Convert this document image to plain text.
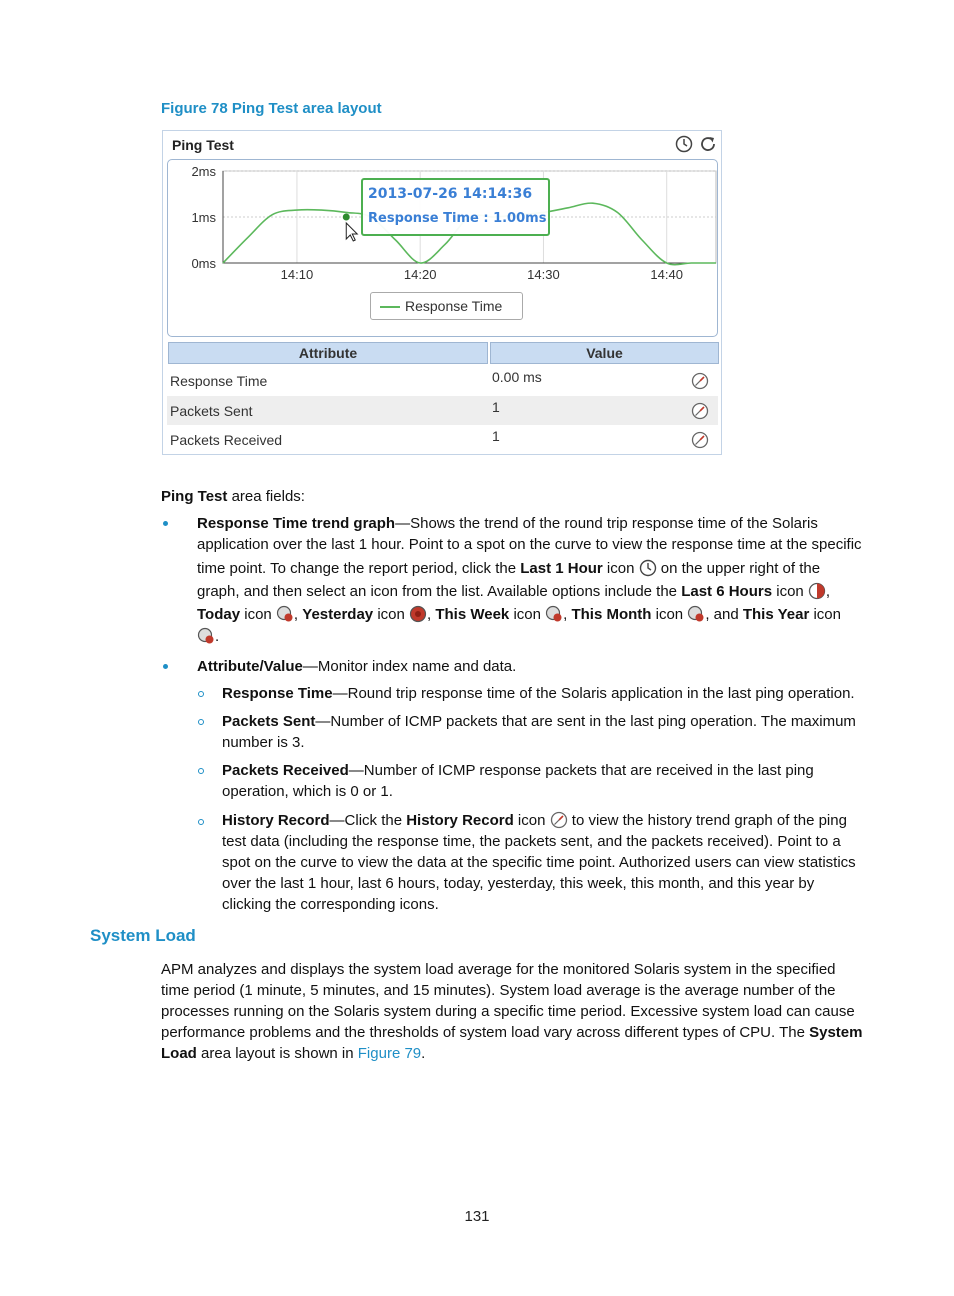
Figure 78 Ping Test area layout
Ping Test
0ms
1ms
2ms
14:10	14:20	14:30	14:40
2013-07-26 14:14:36
Response Time : 1.00ms
Response Time
Attribute	Value
Response Time	0.00 ms
Packets Sent	1
Packets Received	1
Ping Test area fields:
Response Time trend graph—Shows the trend of the round trip response time of the Solaris
application over the last 1 hour. Point to a spot on the curve to view the response time at the specific
time point. To change the report period, click the Last 1 Hour icon  on the upper right of the
graph, and then select an icon from the list. Available options include the Last 6 Hours icon ,
Today icon , Yesterday icon , This Week icon , This Month icon , and This Year icon
.
Attribute/Value—Monitor index name and data.
Response Time—Round trip response time of the Solaris application in the last ping operation.
Packets Sent—Number of ICMP packets that are sent in the last ping operation. The maximum
number is 3.
Packets Received—Number of ICMP response packets that are received in the last ping
operation, which is 0 or 1.
History Record—Click the History Record icon  to view the history trend graph of the ping
test data (including the response time, the packets sent, and the packets received). Point to a
spot on the curve to view the data at the specific time point. Authorized users can view statistics
over the last 1 hour, last 6 hours, today, yesterday, this week, this month, and this year by
clicking the corresponding icons.
System Load
APM analyzes and displays the system load average for the monitored Solaris system in the specified
time period (1 minute, 5 minutes, and 15 minutes). System load average is the average number of the
processes running on the Solaris system during a specific time period. Excessive system load can cause
performance problems and the thresholds of system load vary across different types of CPU. The System
Load area layout is shown in Figure 79.
131
